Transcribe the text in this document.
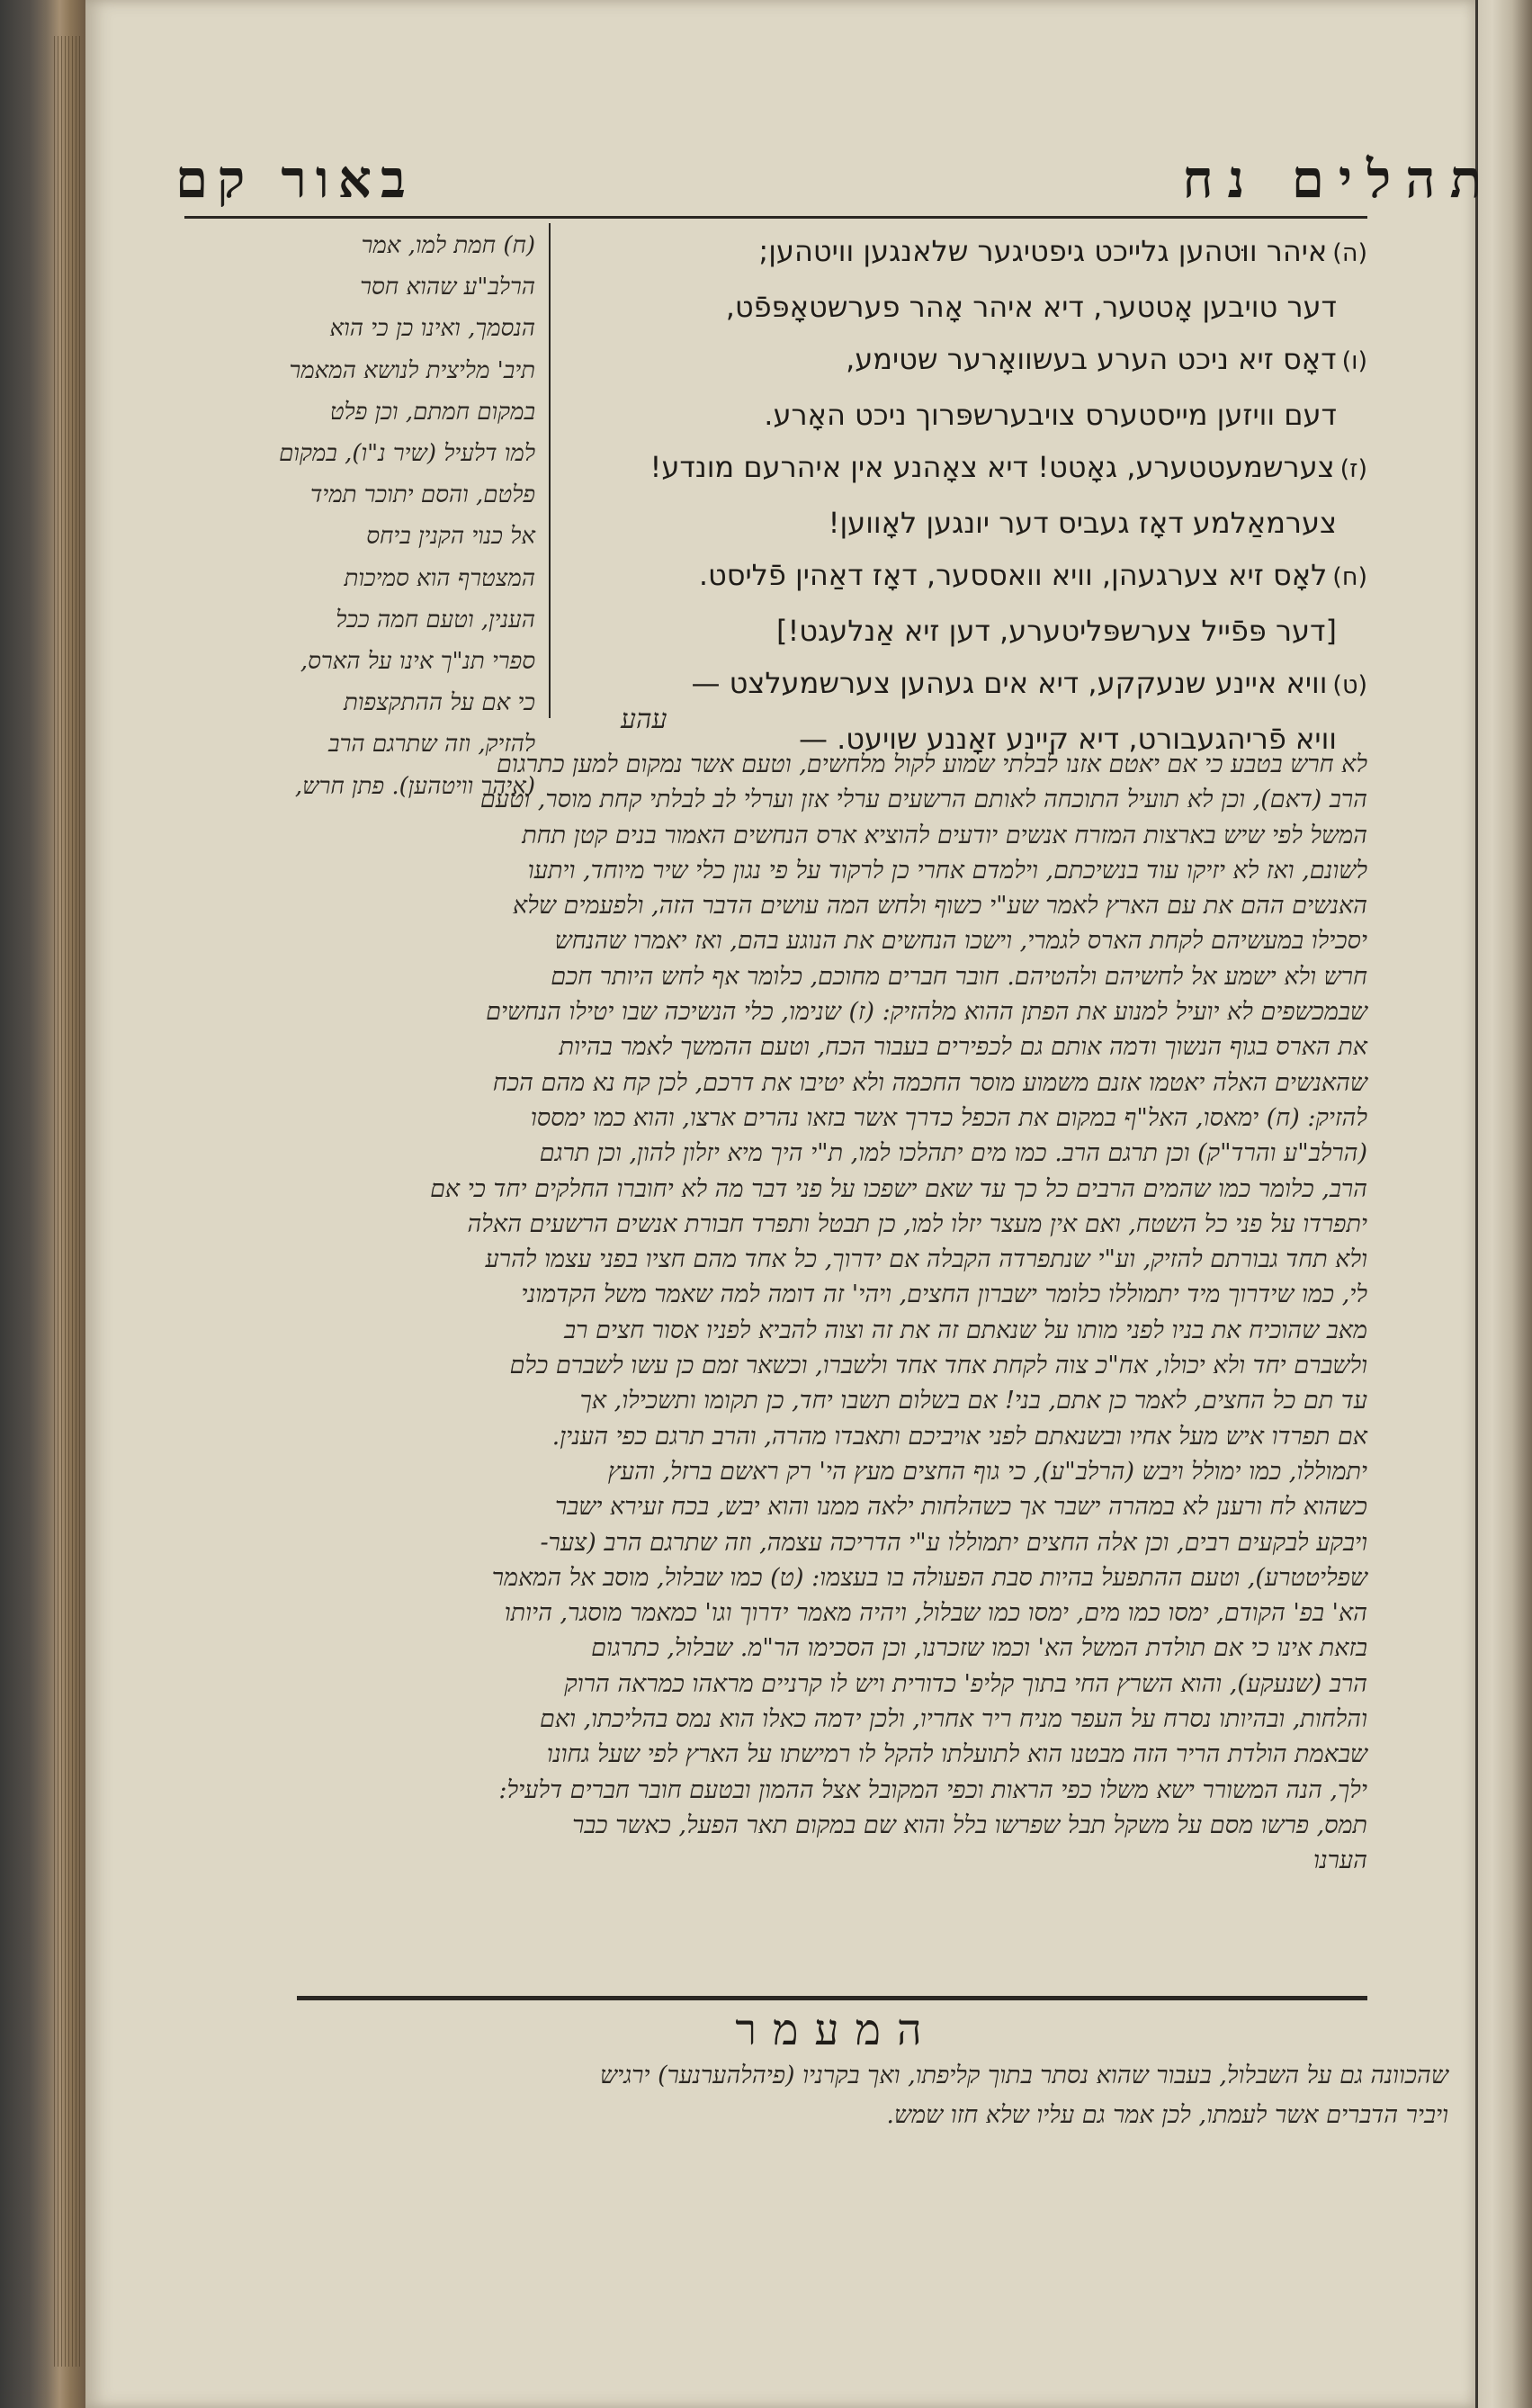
תהלים נח
באור קם
(ה)איהר ווּטהען גלייכט גיפטיגער שלאנגען וויטהען;
דער טויבען אָטטער, דיא איהר אָהר פערשטאָפּפֿט,
(ו)דאָס זיא ניכט הערע בעשוואָרער שטימע,
דעם וויזען מייסטערס צויבערשפּרוך ניכט האָרע.
(ז)צערשמעטטערע, גאָטט! דיא צאָהנע אין איהרעם מונדע!
צערמאַלמע דאָז געביס דער יונגען לאָווען!
(ח)לאָס זיא צערגעהן, וויא וואססער, דאָז דאַהין פֿליסט.
[דער פּפֿייל צערשפּליטערע, דען זיא אַנלעגט!]
(ט)וויא איינע שנעקקע, דיא אים געהען צערשמעלצט —
וויא פֿריהגעבורט, דיא קיינע זאָננע שויעט. —
(ח) חמת למו, אמר
הרלב"ע שהוא חסר
הנסמך, ואינו כן כי הוא
תיב' מליצית לנושא המאמר
במקום חמתם, וכן פלט
למו דלעיל (שיר נ"ו), במקום
פלטם, והסם יתוכר תמיד
אל כנוי הקנין ביחס
המצטרף הוא סמיכות
הענין, וטעם חמה ככל
ספרי תנ"ך אינו על הארס,
כי אם על ההתקצפות
להזיק, וזה שתרגם הרב
(איהר וויטהען). פתן חרש,
עהע
לא חרש בטבע כי אם יאטם אזנו לבלתי שמוע לקול מלחשים, וטעם אשר נמקום למען כתרגום
הרב (דאם), וכן לא תועיל התוכחה לאותם הרשעים ערלי אזן וערלי לב לבלתי קחת מוסר, וטעם
המשל לפי שיש בארצות המזרח אנשים יודעים להוציא ארס הנחשים האמור בנים קטן תחת
לשונם, ואז לא יזיקו עוד בנשיכתם, וילמדם אחרי כן לרקוד על פי נגון כלי שיר מיוחד, ויתעו
האנשים ההם את עם הארץ לאמר שע"י כשוף ולחש המה עושים הדבר הזה, ולפעמים שלא
יסכילו במעשיהם לקחת הארס לגמרי, וישכו הנחשים את הנוגע בהם, ואז יאמרו שהנחש
חרש ולא ישמע אל לחשיהם ולהטיהם. חובר חברים מחוכם, כלומר אף לחש היותר חכם
שבמכשפים לא יועיל למנוע את הפתן ההוא מלהזיק: (ז) שנימו, כלי הנשיכה שבו יטילו הנחשים
את הארס בגוף הנשוך ודמה אותם גם לכפירים בעבור הכח, וטעם ההמשך לאמר בהיות
שהאנשים האלה יאטמו אזנם משמוע מוסר החכמה ולא יטיבו את דרכם, לכן קח נא מהם הכח
להזיק: (ח) ימאסו, האל"ף במקום את הכפל כדרך אשר בזאו נהרים ארצו, והוא כמו ימססו
(הרלב"ע והרד"ק) וכן תרגם הרב. כמו מים יתהלכו למו, ת"י היך מיא יזלון להון, וכן תרגם
הרב, כלומר כמו שהמים הרבים כל כך עד שאם ישפכו על פני דבר מה לא יחוברו החלקים יחד כי אם
יתפרדו על פני כל השטח, ואם אין מעצר יזלו למו, כן תבטל ותפרד חבורת אנשים הרשעים האלה
ולא תחד גבורתם להזיק, וע"י שנתפרדה הקבלה אם ידרוך, כל אחד מהם חציו בפני עצמו להרע
לי, כמו שידרוך מיד יתמוללו כלומר ישברון החצים, ויהי' זה דומה למה שאמר משל הקדמוני
מאב שהוכיח את בניו לפני מותו על שנאתם זה את זה וצוה להביא לפניו אסור חצים רב
ולשברם יחד ולא יכולו, אח"כ צוה לקחת אחד אחד ולשברו, וכשאר זמם כן עשו לשברם כלם
עד תם כל החצים, לאמר כן אתם, בני! אם בשלום תשבו יחד, כן תקומו ותשכילו, אך
אם תפרדו איש מעל אחיו ובשנאתם לפני אויביכם ותאבדו מהרה, והרב תרגם כפי הענין.
יתמוללו, כמו ימולל ויבש (הרלב"ע), כי גוף החצים מעץ הי' רק ראשם ברזל, והעץ
כשהוא לח ורענן לא במהרה ישבר אך כשהלחות ילאה ממנו והוא יבש, בכח זעירא ישבר
ויבקע לבקעים רבים, וכן אלה החצים יתמוללו ע"י הדריכה עצמה, וזה שתרגם הרב (צער-
שפליטטרע), וטעם ההתפעל בהיות סבת הפעולה בו בעצמו: (ט) כמו שבלול, מוסב אל המאמר
הא' בפ' הקודם, ימסו כמו מים, ימסו כמו שבלול, ויהיה מאמר ידרוך וגו' כמאמר מוסגר, היותו
בזאת אינו כי אם תולדת המשל הא' וכמו שזכרנו, וכן הסכימו הר"מ. שבלול, כתרגום
הרב (שנעקע), והוא השרץ החי בתוך קליפ' כדורית ויש לו קרניים מראהו כמראה הרוק
והלחות, ובהיותו נסרח על העפר מניח ריר אחריו, ולכן ידמה כאלו הוא נמס בהליכתו, ואם
שבאמת הולדת הריר הזה מבטנו הוא לתועלתו להקל לו רמישתו על הארץ לפי שעל גחונו
ילך, הנה המשורר ישא משלו כפי הראות וכפי המקובל אצל ההמון ובטעם חובר חברים דלעיל:
תמס, פרשו מסם על משקל תבל שפרשו בלל והוא שם במקום תאר הפעל, כאשר כבר
הערנו
המעמר
שהכוונה גם על השבלול, בעבור שהוא נסתר בתוך קליפתו, ואך בקרניו (פיהלהערנער) ירגיש
ויביר הדברים אשר לעמתו, לכן אמר גם עליו שלא חזו שמש.
